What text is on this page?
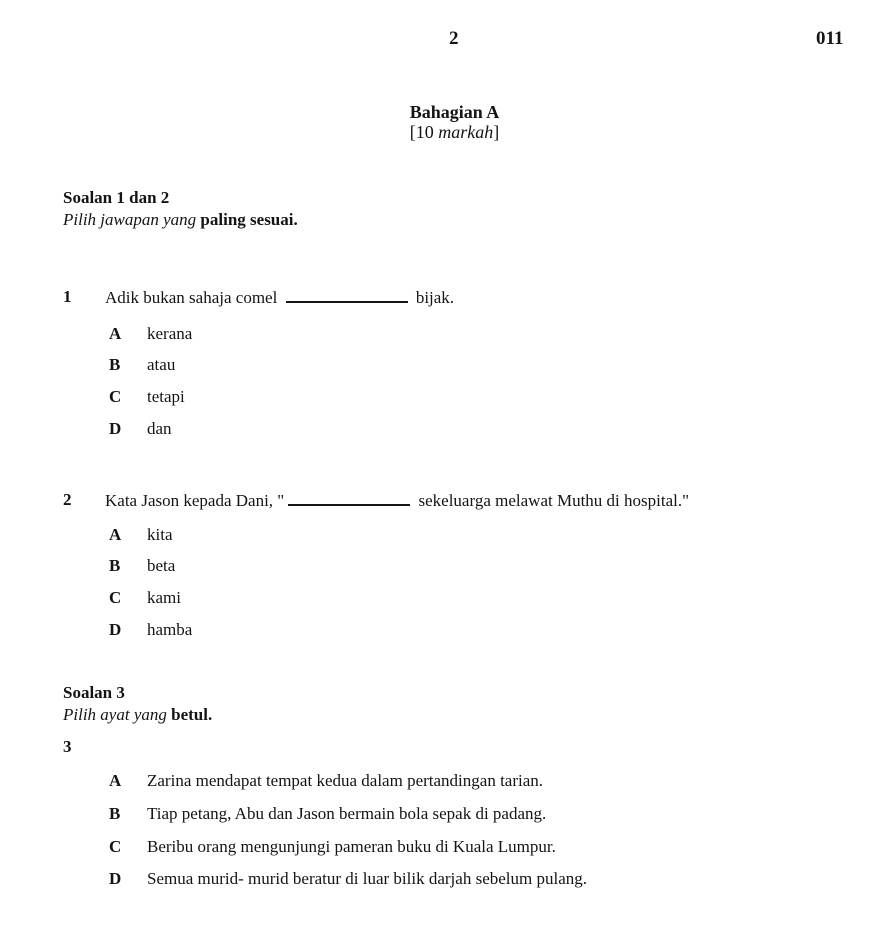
2	011
Bahagian A
[10 markah]
Soalan 1 dan 2
Pilih jawapan yang paling sesuai.
1 Adik bukan sahaja comel	bijak.
A kerana
B atau
C tetapi
D dan
2 Kata Jason kepada Dani, "	sekeluarga melawat Muthu di hospital."
A kita
B beta
C kami
D hamba
Soalan 3
Pilih ayat yang betul.
3
A Zarina mendapat tempat kedua dalam pertandingan tarian.
B Tiap petang, Abu dan Jason bermain bola sepak di padang.
C Beribu orang mengunjungi pameran buku di Kuala Lumpur.
D Semua murid- murid beratur di luar bilik darjah sebelum pulang.
